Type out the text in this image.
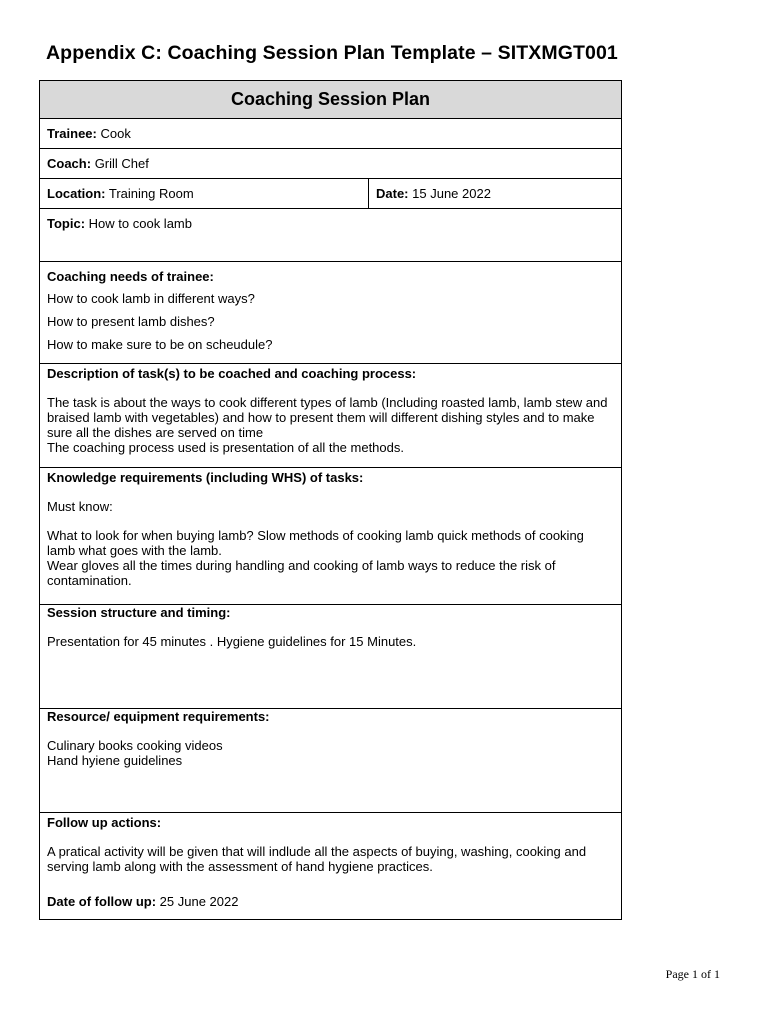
Appendix C: Coaching Session Plan Template – SITXMGT001
Coaching Session Plan
Trainee: Cook
Coach: Grill Chef
Location: Training Room	Date: 15 June 2022
Topic: How to cook lamb

Coaching needs of trainee:

How to cook lamb in different ways?

How to present lamb dishes?

How to make sure to be on scheudule?

Description of task(s) to be coached and coaching process:

The task is about the ways to cook different types of lamb (Including roasted lamb, lamb stew and braised lamb with vegetables) and how to present them will different dishing styles and to make sure all the dishes are served on time

The coaching process used is presentation of all the methods.

Knowledge requirements (including WHS) of tasks:

Must know:

What to look for when buying lamb? Slow methods of cooking lamb quick methods of cooking lamb what goes with the lamb.

Wear gloves all the times during handling and cooking of lamb ways to reduce the risk of contamination.

Session structure and timing:

Presentation for 45 minutes . Hygiene guidelines for 15 Minutes.

Resource/ equipment requirements:

Culinary books cooking videos

Hand hyiene guidelines

Follow up actions:

A pratical activity will be given that will indlude all the aspects of buying, washing, cooking and serving lamb along with the assessment of hand hygiene practices.

Date of follow up: 25 June 2022

Page 1 of 1
